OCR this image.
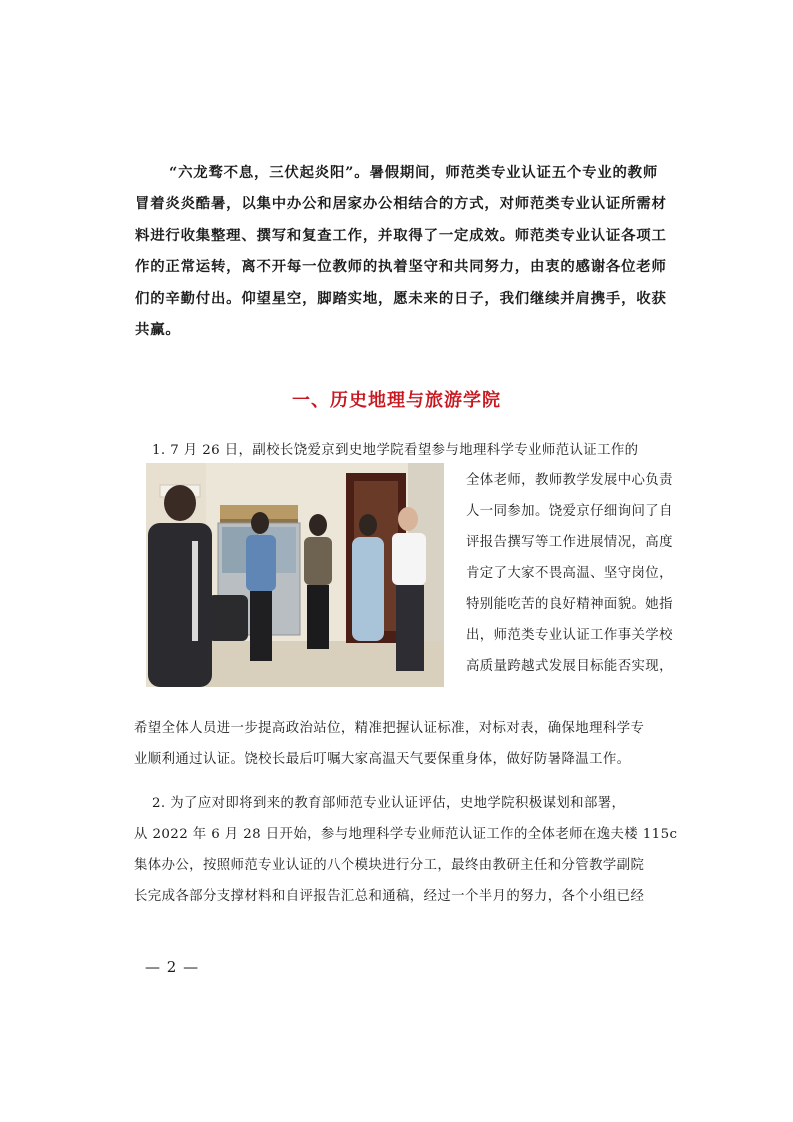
“六龙骛不息，三伏起炎阳”。暑假期间，师范类专业认证五个专业的教师
冒着炎炎酷暑，以集中办公和居家办公相结合的方式，对师范类专业认证所需材
料进行收集整理、撰写和复查工作，并取得了一定成效。师范类专业认证各项工
作的正常运转，离不开每一位教师的执着坚守和共同努力，由衷的感谢各位老师
们的辛勤付出。仰望星空，脚踏实地，愿未来的日子，我们继续并肩携手，收获
共赢。
一、历史地理与旅游学院

1. 7 月 26 日，副校长饶爱京到史地学院看望参与地理科学专业师范认证工作的

全体老师，教师教学发展中心负责

人一同参加。饶爱京仔细询问了自

评报告撰写等工作进展情况，高度

肯定了大家不畏高温、坚守岗位，

特别能吃苦的良好精神面貌。她指

出，师范类专业认证工作事关学校

高质量跨越式发展目标能否实现，

希望全体人员进一步提高政治站位，精准把握认证标准，对标对表，确保地理科学专

业顺利通过认证。饶校长最后叮嘱大家高温天气要保重身体，做好防暑降温工作。

2. 为了应对即将到来的教育部师范专业认证评估，史地学院积极谋划和部署，

从 2022 年 6 月 28 日开始，参与地理科学专业师范认证工作的全体老师在逸夫楼 115c

集体办公，按照师范专业认证的八个模块进行分工，最终由教研主任和分管教学副院

长完成各部分支撑材料和自评报告汇总和通稿，经过一个半月的努力，各个小组已经

— 2 —
